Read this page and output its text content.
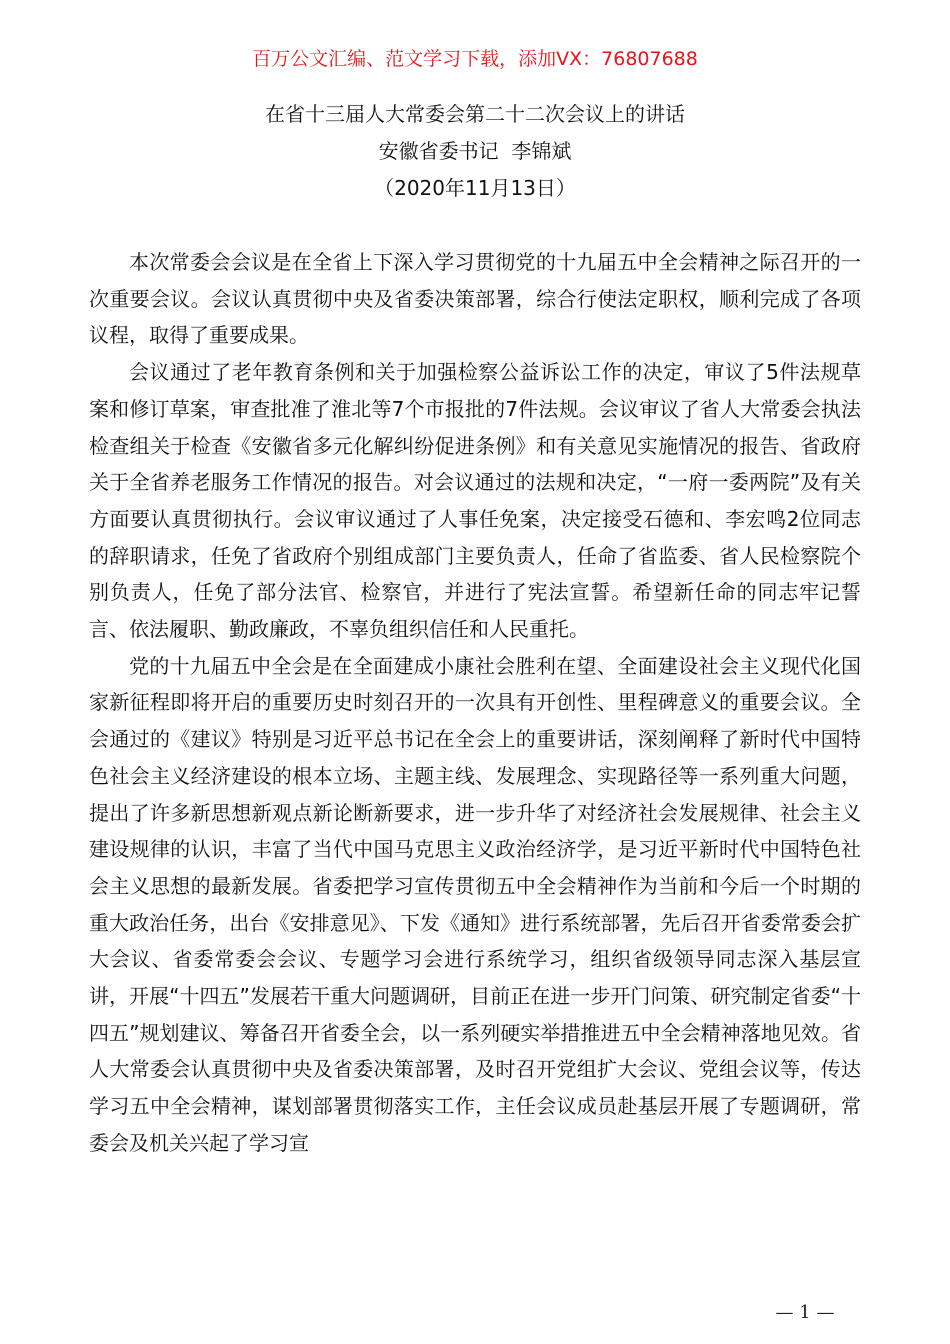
百万公文汇编、范文学习下载，添加VX：76807688
在省十三届人大常委会第二十二次会议上的讲话
安徽省委书记  李锦斌
（2020年11月13日）

本次常委会会议是在全省上下深入学习贯彻党的十九届五中全会精神之际召开的一次重要会议。会议认真贯彻中央及省委决策部署，综合行使法定职权，顺利完成了各项议程，取得了重要成果。

会议通过了老年教育条例和关于加强检察公益诉讼工作的决定，审议了5件法规草案和修订草案，审查批准了淮北等7个市报批的7件法规。会议审议了省人大常委会执法检查组关于检查《安徽省多元化解纠纷促进条例》和有关意见实施情况的报告、省政府关于全省养老服务工作情况的报告。对会议通过的法规和决定，“一府一委两院”及有关方面要认真贯彻执行。会议审议通过了人事任免案，决定接受石德和、李宏鸣2位同志的辞职请求，任免了省政府个别组成部门主要负责人，任命了省监委、省人民检察院个别负责人，任免了部分法官、检察官，并进行了宪法宣誓。希望新任命的同志牢记誓言、依法履职、勤政廉政，不辜负组织信任和人民重托。

党的十九届五中全会是在全面建成小康社会胜利在望、全面建设社会主义现代化国家新征程即将开启的重要历史时刻召开的一次具有开创性、里程碑意义的重要会议。全会通过的《建议》特别是习近平总书记在全会上的重要讲话，深刻阐释了新时代中国特色社会主义经济建设的根本立场、主题主线、发展理念、实现路径等一系列重大问题，提出了许多新思想新观点新论断新要求，进一步升华了对经济社会发展规律、社会主义建设规律的认识，丰富了当代中国马克思主义政治经济学，是习近平新时代中国特色社会主义思想的最新发展。省委把学习宣传贯彻五中全会精神作为当前和今后一个时期的重大政治任务，出台《安排意见》、下发《通知》进行系统部署，先后召开省委常委会扩大会议、省委常委会会议、专题学习会进行系统学习，组织省级领导同志深入基层宣讲，开展“十四五”发展若干重大问题调研，目前正在进一步开门问策、研究制定省委“十四五”规划建议、筹备召开省委全会，以一系列硬实举措推进五中全会精神落地见效。省人大常委会认真贯彻中央及省委决策部署，及时召开党组扩大会议、党组会议等，传达学习五中全会精神，谋划部署贯彻落实工作，主任会议成员赴基层开展了专题调研，常委会及机关兴起了学习宣

— 1 —
